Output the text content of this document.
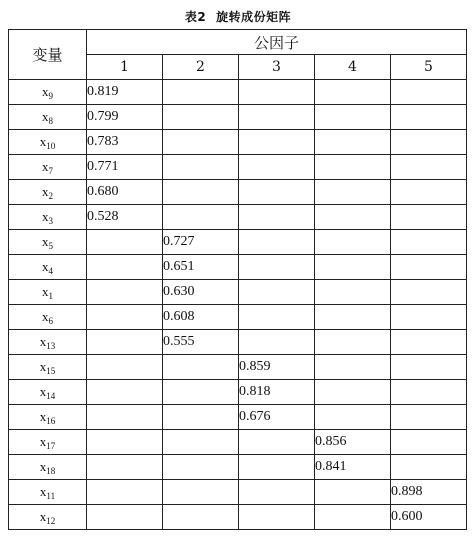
表2 旋转成份矩阵
变量	公因子				
	1	2	3	4	5
$x_9$	0.819				
$x_8$	0.799				
$x_{10}$	0.783				
$x_7$	0.771				
$x_2$	0.680				
$x_3$	0.528				
$x_5$		0.727			
$x_4$		0.651			
$x_1$		0.630			
$x_6$		0.608			
$x_{13}$		0.555			
$x_{15}$			0.859		
$x_{14}$			0.818		
$x_{16}$			0.676		
$x_{17}$				0.856	
$x_{18}$				0.841	
$x_{11}$					0.898
$x_{12}$					0.600
